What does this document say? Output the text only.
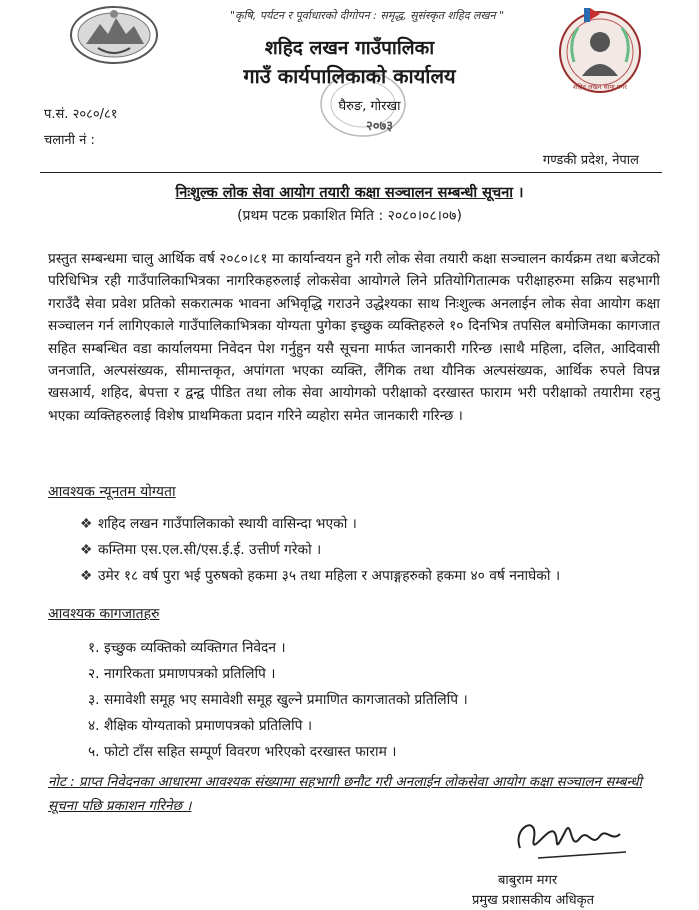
शहिद लखन थापा मगर
२०७३
"कृषि, पर्यटन र पूर्वाधारको दीगोपन : समृद्ध, सुसंस्कृत शहिद लखन "
शहिद लखन गाउँपालिका
गाउँ कार्यपालिकाको कार्यालय
घैरुङ, गोरखा
प.सं. २०८०/८१
चलानी नं :
गण्डकी प्रदेश, नेपाल
निःशुल्क लोक सेवा आयोग तयारी कक्षा सञ्चालन सम्बन्धी सूचना ।
(प्रथम पटक प्रकाशित मिति : २०८०।०८।०७)
प्रस्तुत सम्बन्धमा चालु आर्थिक वर्ष २०८०।८१ मा कार्यान्वयन हुने गरी लोक सेवा तयारी कक्षा सञ्चालन कार्यक्रम तथा बजेटको परिधिभित्र रही गाउँपालिकाभित्रका नागरिकहरुलाई लोकसेवा आयोगले लिने प्रतियोगितात्मक परीक्षाहरुमा सक्रिय सहभागी गराउँदै सेवा प्रवेश प्रतिको सकरात्मक भावना अभिवृद्धि गराउने उद्धेश्यका साथ निःशुल्क अनलाईन लोक सेवा आयोग कक्षा सञ्चालन गर्न लागिएकाले गाउँपालिकाभित्रका योग्यता पुगेका इच्छुक व्यक्तिहरुले १० दिनभित्र तपसिल बमोजिमका कागजात सहित सम्बन्धित वडा कार्यालयमा निवेदन पेश गर्नुहुन यसै सूचना मार्फत जानकारी गरिन्छ ।साथै महिला, दलित, आदिवासी जनजाति, अल्पसंख्यक, सीमान्तकृत, अपांगता भएका व्यक्ति, लैंगिक तथा यौनिक अल्पसंख्यक, आर्थिक रुपले विपन्न खसआर्य, शहिद, बेपत्ता र द्वन्द्व पीडित तथा लोक सेवा आयोगको परीक्षाको दरखास्त फाराम भरी परीक्षाको तयारीमा रहनु भएका व्यक्तिहरुलाई विशेष प्राथमिकता प्रदान गरिने व्यहोरा समेत जानकारी गरिन्छ ।
आवश्यक न्यूनतम योग्यता
❖ शहिद लखन गाउँपालिकाको स्थायी वासिन्दा भएको ।
❖ कम्तिमा एस.एल.सी/एस.ई.ई. उत्तीर्ण गरेको ।
❖ उमेर १८ वर्ष पुरा भई पुरुषको हकमा ३५ तथा महिला र अपाङ्गहरुको हकमा ४० वर्ष ननाघेको ।
आवश्यक कागजातहरु
१. इच्छुक व्यक्तिको व्यक्तिगत निवेदन ।
२. नागरिकता प्रमाणपत्रको प्रतिलिपि ।
३. समावेशी समूह भए समावेशी समूह खुल्ने प्रमाणित कागजातको प्रतिलिपि ।
४. शैक्षिक योग्यताको प्रमाणपत्रको प्रतिलिपि ।
५. फोटो टाँस सहित सम्पूर्ण विवरण भरिएको दरखास्त फाराम ।
नोट : प्राप्त निवेदनका आधारमा आवश्यक संख्यामा सहभागी छनौट गरी अनलाईन लोकसेवा आयोग कक्षा सञ्चालन सम्बन्धी सूचना पछि प्रकाशन गरिनेछ ।
बाबुराम मगर
प्रमुख प्रशासकीय अधिकृत
